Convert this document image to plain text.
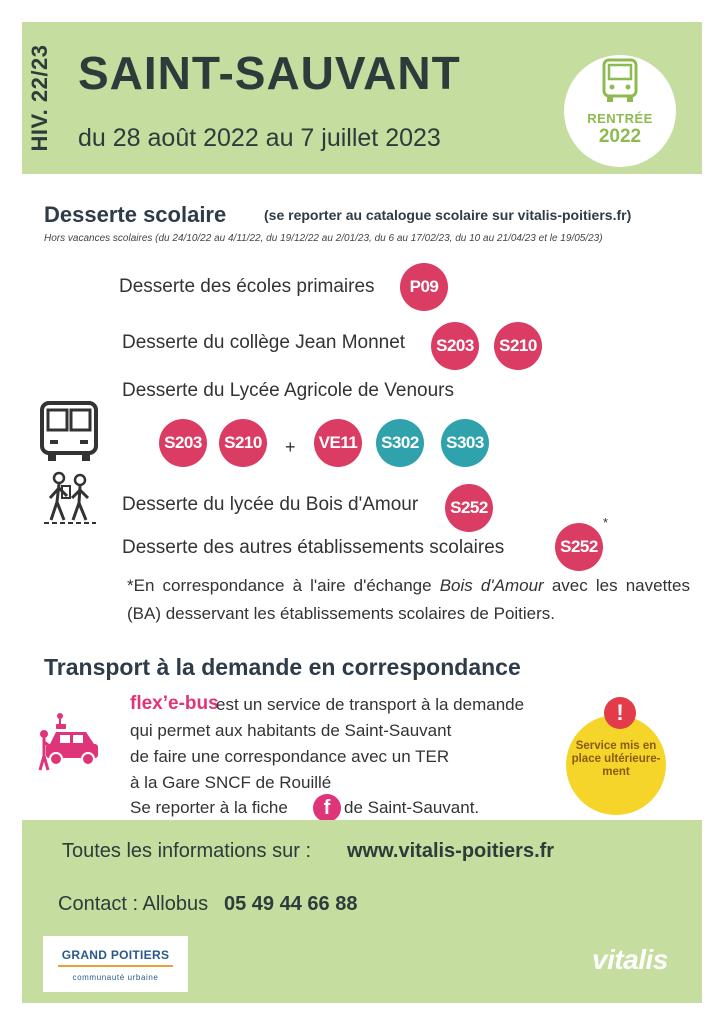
HIV. 22/23 SAINT-SAUVANT
du 28 août 2022 au 7 juillet 2023
RENTRÉE
2022
Desserte scolaire	(se reporter au catalogue scolaire sur vitalis-poitiers.fr)
Hors vacances scolaires (du 24/10/22 au 4/11/22, du 19/12/22 au 2/01/23, du 6 au 17/02/23, du 10 au 21/04/23 et le 19/05/23)
Desserte des écoles primaires	P09
Desserte du collège Jean Monnet	S203	S210
Desserte du Lycée Agricole de Venours
S203	S210 + VE11	S302	S303
Desserte du lycée du Bois d'Amour	S252
Desserte des autres établissements scolaires	S252
*
*En correspondance à l'aire d'échange Bois d'Amour avec les navettes (BA) desservant les établissements scolaires de Poitiers.
Transport à la demande en correspondance
flex’e-bus
est un service de transport à la demande
qui permet aux habitants de Saint-Sauvant
de faire une correspondance avec un TER
à la Gare SNCF de Rouillé
Se reporter à la fiche	f de Saint-Sauvant.
!
Service mis en place ultérieure-ment
Toutes les informations sur : www.vitalis-poitiers.fr
Contact : Allobus 05 49 44 66 88
GRAND POITIERS
communauté urbaine
vitalis
